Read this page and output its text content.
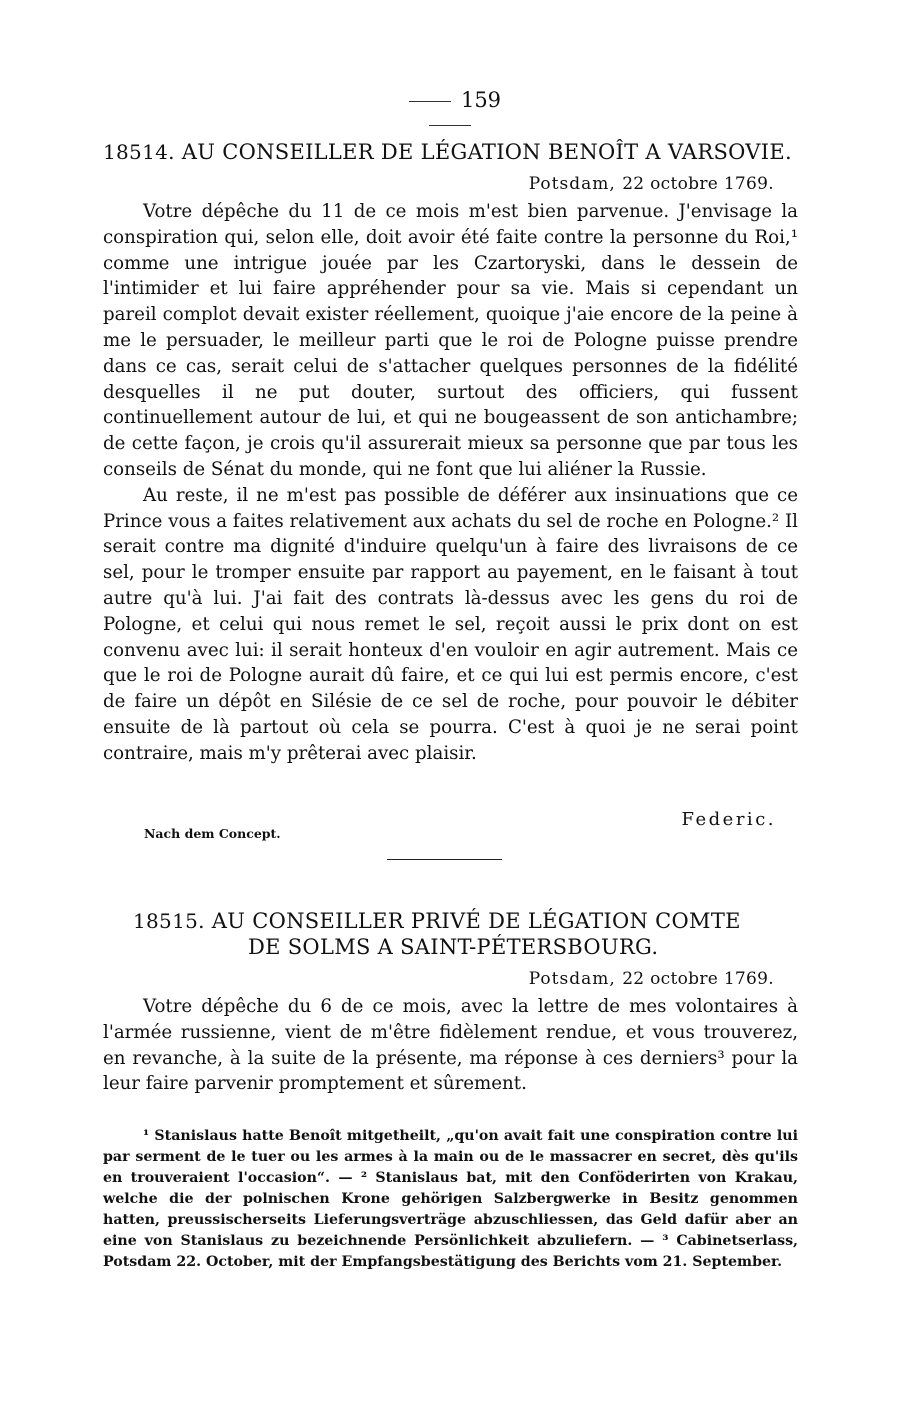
159
18514. AU CONSEILLER DE LÉGATION BENOÎT A VARSOVIE.
Potsdam, 22 octobre 1769.

Votre dépêche du 11 de ce mois m'est bien parvenue. J'envisage la conspiration qui, selon elle, doit avoir été faite contre la personne du Roi,¹ comme une intrigue jouée par les Czartoryski, dans le dessein de l'intimider et lui faire appréhender pour sa vie. Mais si cependant un pareil complot devait exister réellement, quoique j'aie encore de la peine à me le persuader, le meilleur parti que le roi de Pologne puisse prendre dans ce cas, serait celui de s'attacher quelques personnes de la fidélité desquelles il ne put douter, surtout des officiers, qui fussent continuellement autour de lui, et qui ne bougeassent de son antichambre; de cette façon, je crois qu'il assurerait mieux sa personne que par tous les conseils de Sénat du monde, qui ne font que lui aliéner la Russie.

Au reste, il ne m'est pas possible de déférer aux insinuations que ce Prince vous a faites relativement aux achats du sel de roche en Pologne.² Il serait contre ma dignité d'induire quelqu'un à faire des livraisons de ce sel, pour le tromper ensuite par rapport au payement, en le faisant à tout autre qu'à lui. J'ai fait des contrats là-dessus avec les gens du roi de Pologne, et celui qui nous remet le sel, reçoit aussi le prix dont on est convenu avec lui: il serait honteux d'en vouloir en agir autrement. Mais ce que le roi de Pologne aurait dû faire, et ce qui lui est permis encore, c'est de faire un dépôt en Silésie de ce sel de roche, pour pouvoir le débiter ensuite de là partout où cela se pourra. C'est à quoi je ne serai point contraire, mais m'y prêterai avec plaisir.

Federic.
Nach dem Concept.
18515. AU CONSEILLER PRIVÉ DE LÉGATION COMTE
DE SOLMS A SAINT-PÉTERSBOURG.
Potsdam, 22 octobre 1769.

Votre dépêche du 6 de ce mois, avec la lettre de mes volontaires à l'armée russienne, vient de m'être fidèlement rendue, et vous trouverez, en revanche, à la suite de la présente, ma réponse à ces derniers³ pour la leur faire parvenir promptement et sûrement.

¹ Stanislaus hatte Benoît mitgetheilt, „qu'on avait fait une conspiration contre lui par serment de le tuer ou les armes à la main ou de le massacrer en secret, dès qu'ils en trouveraient l'occasion“. — ² Stanislaus bat, mit den Conföderirten von Krakau, welche die der polnischen Krone gehörigen Salzbergwerke in Besitz genommen hatten, preussischerseits Lieferungsverträge abzuschliessen, das Geld dafür aber an eine von Stanislaus zu bezeichnende Persönlichkeit abzuliefern. — ³ Cabinetserlass, Potsdam 22. October, mit der Empfangsbestätigung des Berichts vom 21. September.
